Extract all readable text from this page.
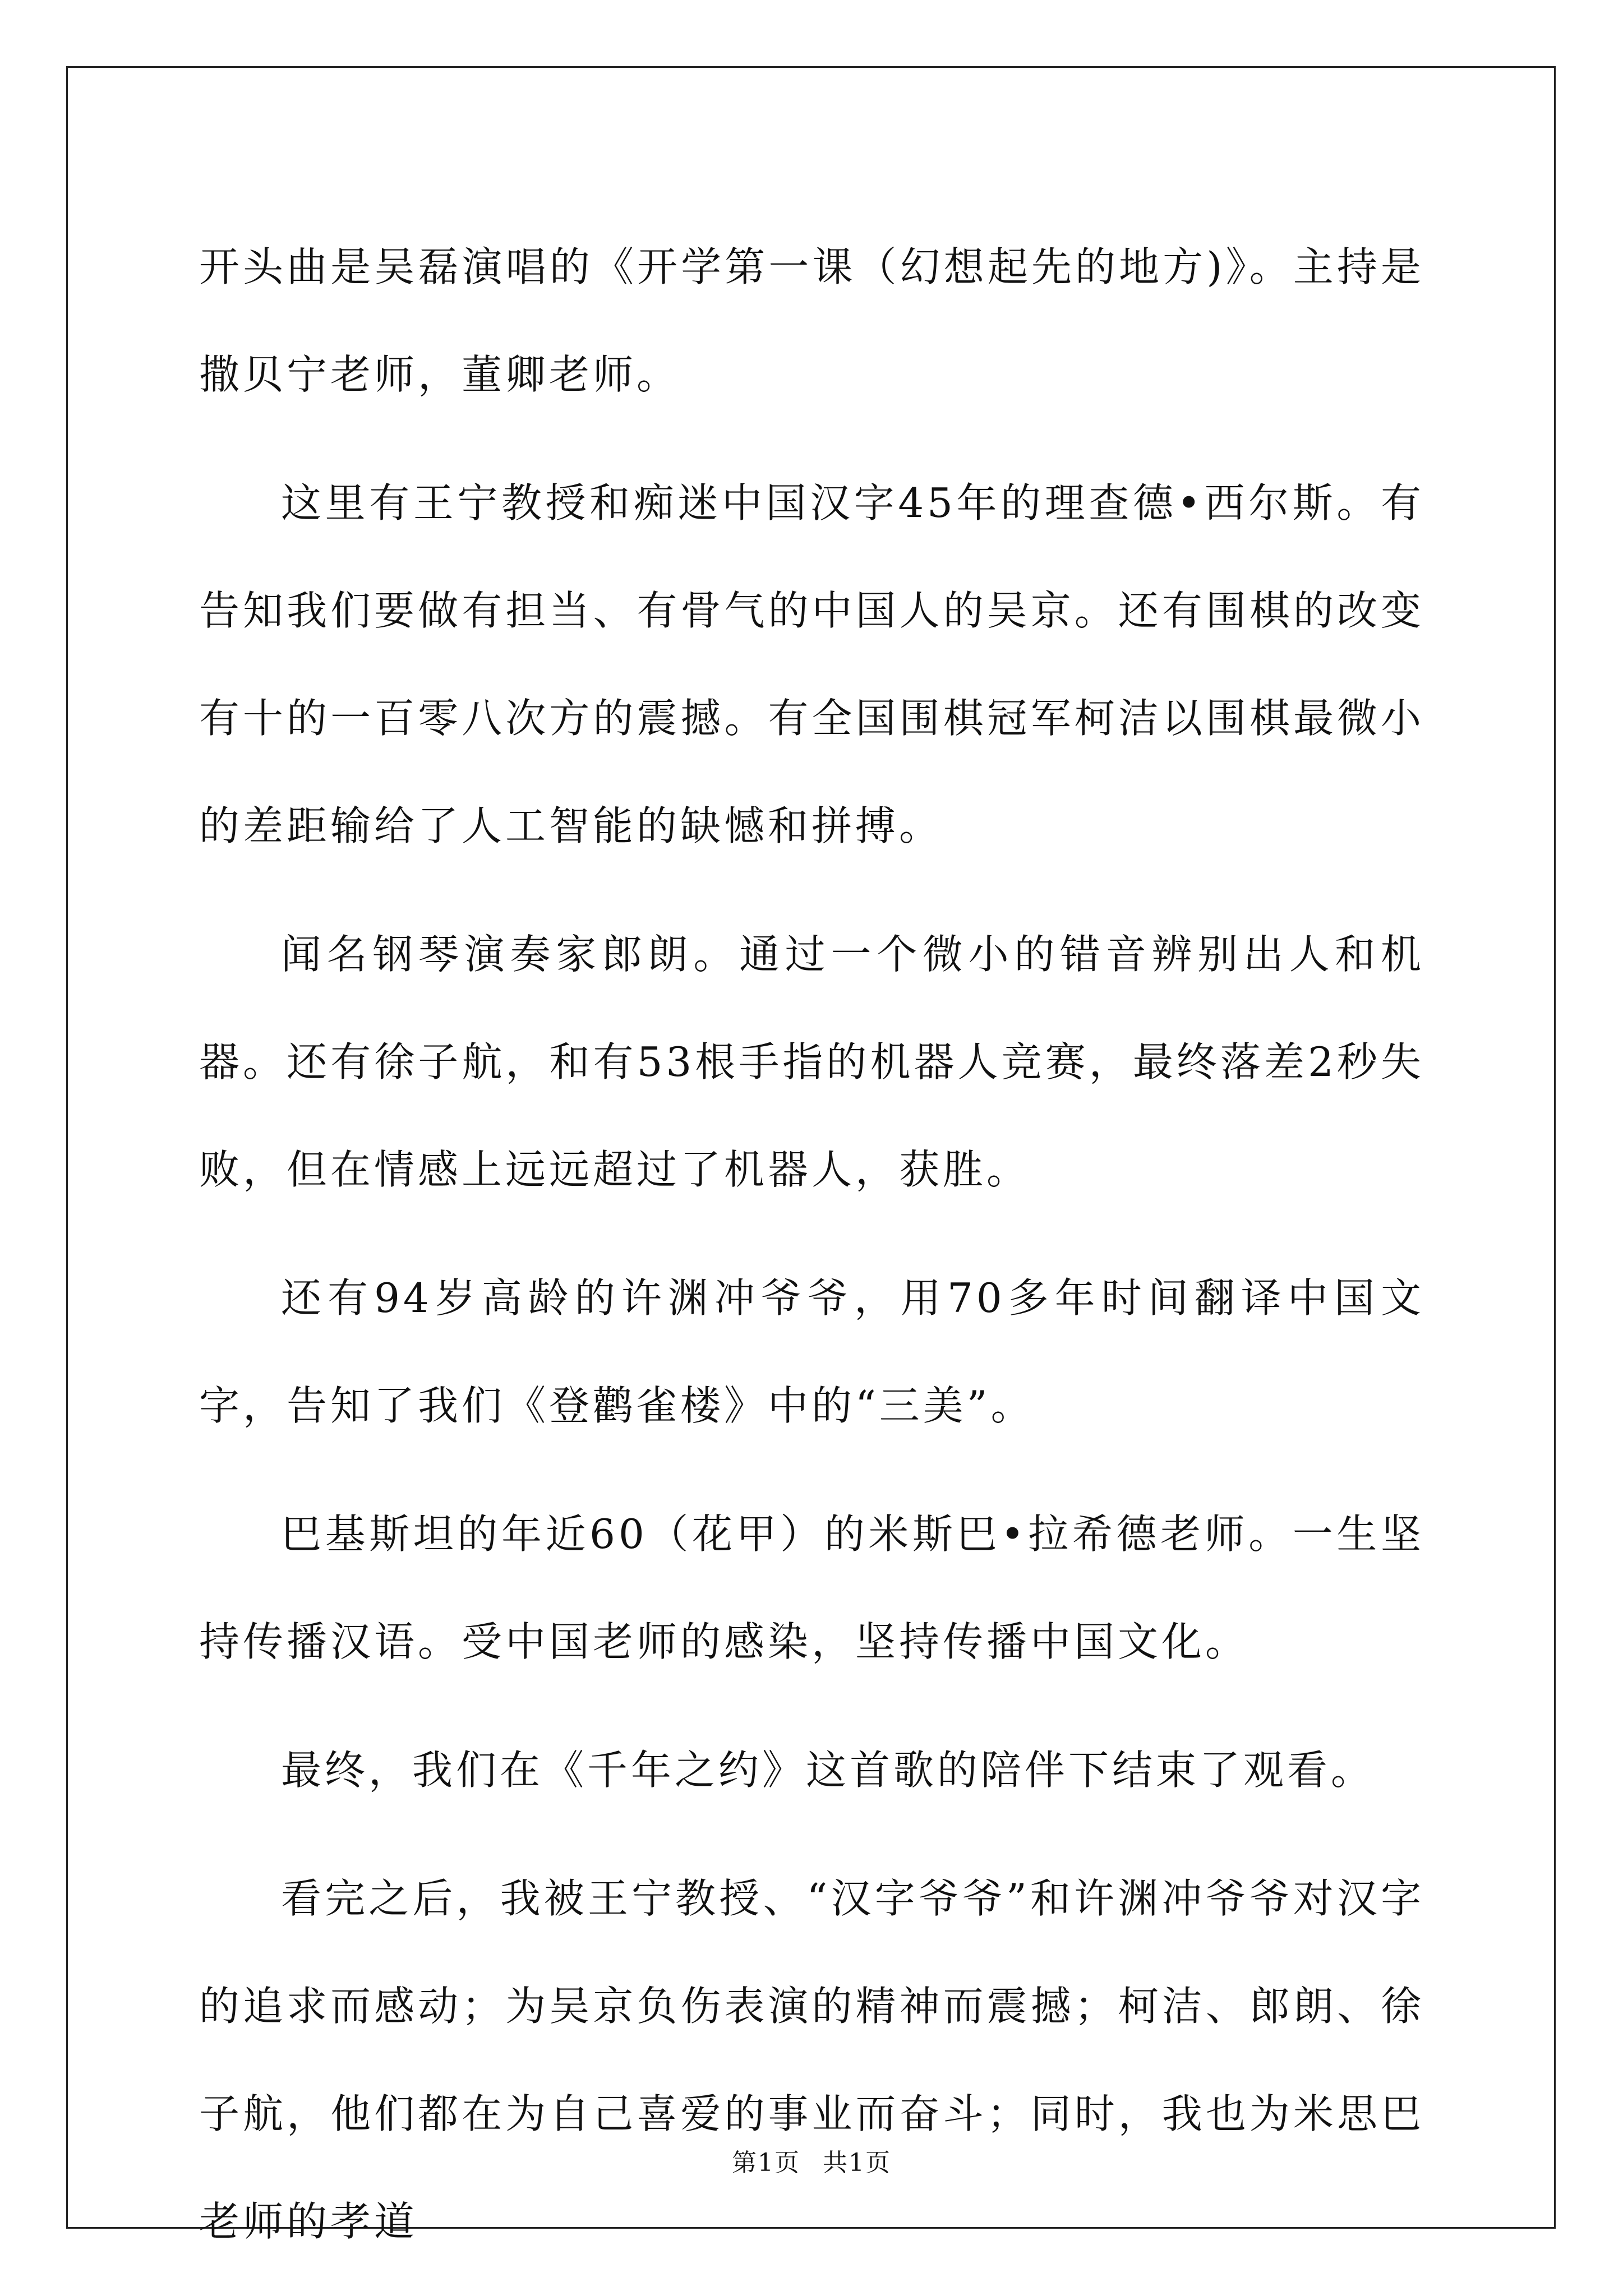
开头曲是吴磊演唱的《开学第一课（幻想起先的地方)》。主持是撒贝宁老师，董卿老师。

这里有王宁教授和痴迷中国汉字45年的理查德•西尔斯。有告知我们要做有担当、有骨气的中国人的吴京。还有围棋的改变有十的一百零八次方的震撼。有全国围棋冠军柯洁以围棋最微小的差距输给了人工智能的缺憾和拼搏。

闻名钢琴演奏家郎朗。通过一个微小的错音辨别出人和机器。还有徐子航，和有53根手指的机器人竞赛，最终落差2秒失败，但在情感上远远超过了机器人，获胜。

还有94岁高龄的许渊冲爷爷，用70多年时间翻译中国文字，告知了我们《登鹳雀楼》中的“三美”。

巴基斯坦的年近60（花甲）的米斯巴•拉希德老师。一生坚持传播汉语。受中国老师的感染，坚持传播中国文化。

最终，我们在《千年之约》这首歌的陪伴下结束了观看。

看完之后，我被王宁教授、“汉字爷爷”和许渊冲爷爷对汉字的追求而感动；为吴京负伤表演的精神而震撼；柯洁、郎朗、徐子航，他们都在为自己喜爱的事业而奋斗；同时，我也为米思巴老师的孝道

第1页 共1页
